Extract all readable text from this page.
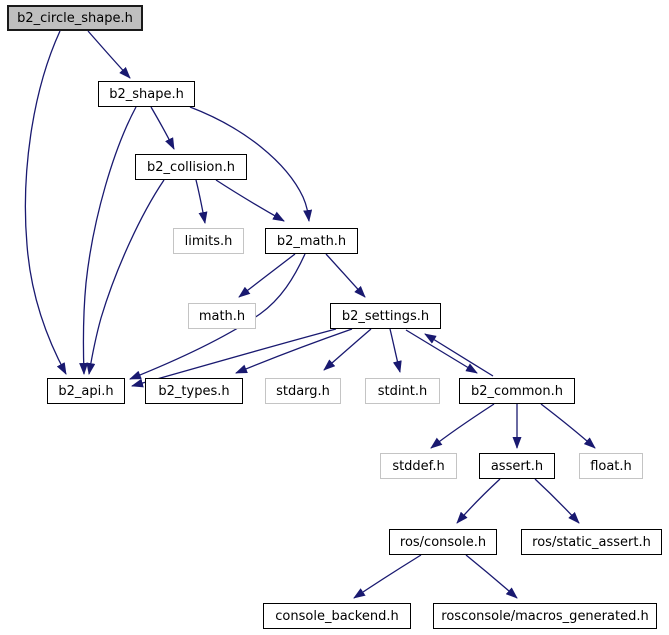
b2_circle_shape.h
b2_shape.h
b2_collision.h
limits.h	b2_math.h
math.h	b2_settings.h
b2_api.h	b2_types.h	stdarg.h	stdint.h	b2_common.h
stddef.h	assert.h	float.h
ros/console.h	ros/static_assert.h
console_backend.h	rosconsole/macros_generated.h
